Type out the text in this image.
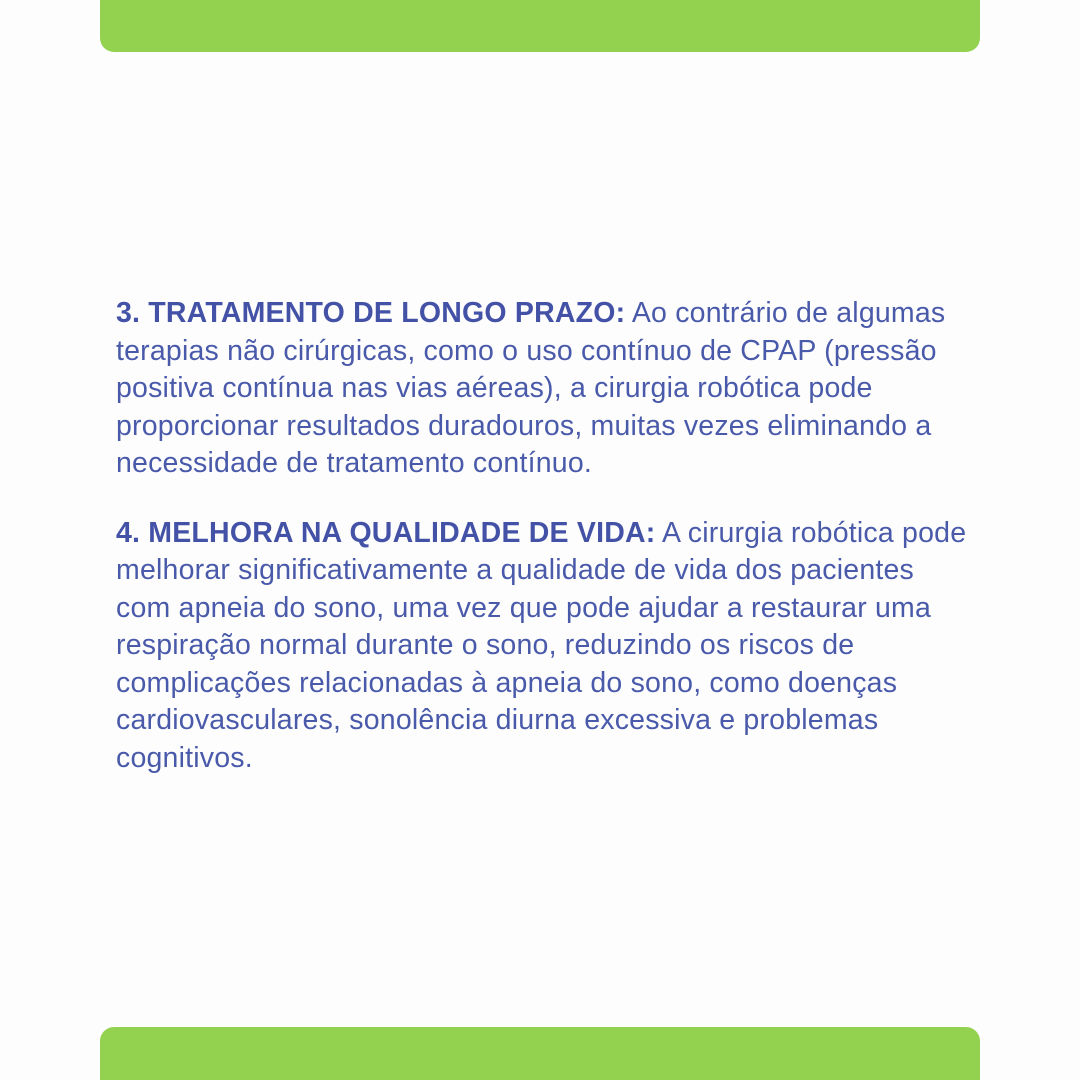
3. TRATAMENTO DE LONGO PRAZO: Ao contrário de algumas terapias não cirúrgicas, como o uso contínuo de CPAP (pressão positiva contínua nas vias aéreas), a cirurgia robótica pode proporcionar resultados duradouros, muitas vezes eliminando a necessidade de tratamento contínuo.

4. MELHORA NA QUALIDADE DE VIDA: A cirurgia robótica pode melhorar significativamente a qualidade de vida dos pacientes com apneia do sono, uma vez que pode ajudar a restaurar uma respiração normal durante o sono, reduzindo os riscos de complicações relacionadas à apneia do sono, como doenças cardiovasculares, sonolência diurna excessiva e problemas cognitivos.
